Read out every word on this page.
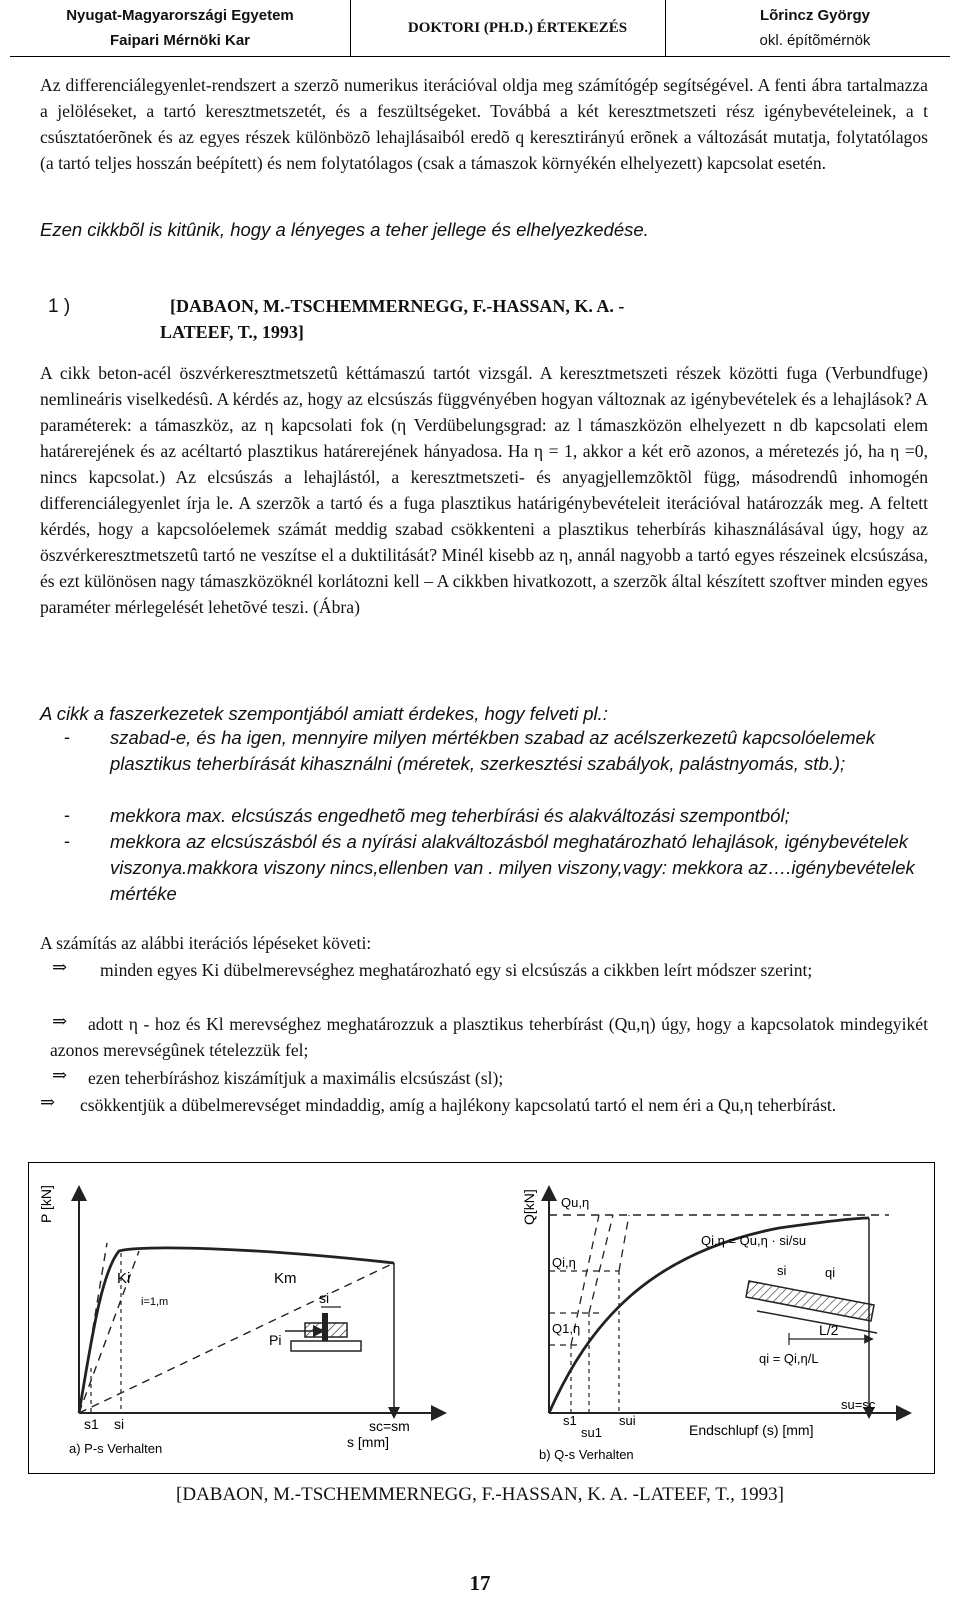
Nyugat-Magyarországi Egyetem
Faipari Mérnöki Kar
DOKTORI (PH.D.) ÉRTEKEZÉS
Lõrincz György
okl. építõmérnök
Az differenciálegyenlet-rendszert a szerzõ numerikus iterációval oldja meg számítógép segítségével. A fenti ábra tartalmazza a jelöléseket, a tartó keresztmetszetét, és a feszültségeket. Továbbá a két keresztmetszeti rész igénybevételeinek, a t csúsztatóerõnek és az egyes részek különbözõ lehajlásaiból eredõ q keresztirányú erõnek a változását mutatja, folytatólagos (a tartó teljes hosszán beépített) és nem folytatólagos (csak a támaszok környékén elhelyezett) kapcsolat esetén.
Ezen cikkbõl is kitûnik, hogy a lényeges a teher jellege és elhelyezkedése.
1 )	[DABAON, M.-TSCHEMMERNEGG, F.-HASSAN, K. A. -
LATEEF, T., 1993]
A cikk beton-acél öszvérkeresztmetszetû kéttámaszú tartót vizsgál. A keresztmetszeti részek közötti fuga (Verbundfuge) nemlineáris viselkedésû. A kérdés az, hogy az elcsúszás függvényében hogyan változnak az igénybevételek és a lehajlások? A paraméterek: a támaszköz, az η kapcsolati fok (η Verdübelungsgrad: az l támaszközön elhelyezett n db kapcsolati elem határerejének és az acéltartó plasztikus határerejének hányadosa. Ha η = 1, akkor a két erõ azonos, a méretezés jó, ha η =0, nincs kapcsolat.) Az elcsúszás a lehajlástól, a keresztmetszeti- és anyagjellemzõktõl függ, másodrendû inhomogén differenciálegyenlet írja le. A szerzõk a tartó és a fuga plasztikus határigénybevételeit iterációval határozzák meg. A feltett kérdés, hogy a kapcsolóelemek számát meddig szabad csökkenteni a plasztikus teherbírás kihasználásával úgy, hogy az öszvérkeresztmetszetû tartó ne veszítse el a duktilitását? Minél kisebb az η, annál nagyobb a tartó egyes részeinek elcsúszása, és ezt különösen nagy támaszközöknél korlátozni kell – A cikkben hivatkozott, a szerzõk által készített szoftver minden egyes paraméter mérlegelését lehetõvé teszi. (Ábra)
A cikk a faszerkezetek szempontjából amiatt érdekes, hogy felveti pl.:
- szabad-e, és ha igen, mennyire milyen mértékben szabad az acélszerkezetû kapcsolóelemek plasztikus teherbírását kihasználni (méretek, szerkesztési szabályok, palástnyomás, stb.);
- mekkora max. elcsúszás engedhetõ meg teherbírási és alakváltozási szempontból;
- mekkora az elcsúszásból és a nyírási alakváltozásból meghatározható lehajlások, igénybevételek viszonya.makkora viszony nincs,ellenben van . milyen viszony,vagy: mekkora az….igénybevételek mértéke
A számítás az alábbi iterációs lépéseket követi:
⇒	minden egyes Ki dübelmerevséghez meghatározható egy si elcsúszás a cikkben leírt módszer szerint;
⇒	adott η - hoz és Kl merevséghez meghatározzuk a plasztikus teherbírást (Qu,η) úgy, hogy a kapcsolatok mindegyikét azonos merevségûnek tételezzük fel;
⇒	ezen teherbíráshoz kiszámítjuk a maximális elcsúszást (sl);
⇒	csökkentjük a dübelmerevséget mindaddig, amíg a hajlékony kapcsolatú tartó el nem éri a Qu,η teherbírást.
P [kN]
Ki	Km
i=1,m	si
Pi
s1 si	sc=sm
s [mm]
a) P-s Verhalten
Q[kN] Qu,η
Qi,η = Qu,η · si/su
Qi,η
Q1,η
si	qi
L/2
qi = Qi,η/L
s1
su1
sui
Endschlupf (s) [mm]
su=sc
b) Q-s Verhalten
[DABAON, M.-TSCHEMMERNEGG, F.-HASSAN, K. A. -LATEEF, T., 1993]
17
